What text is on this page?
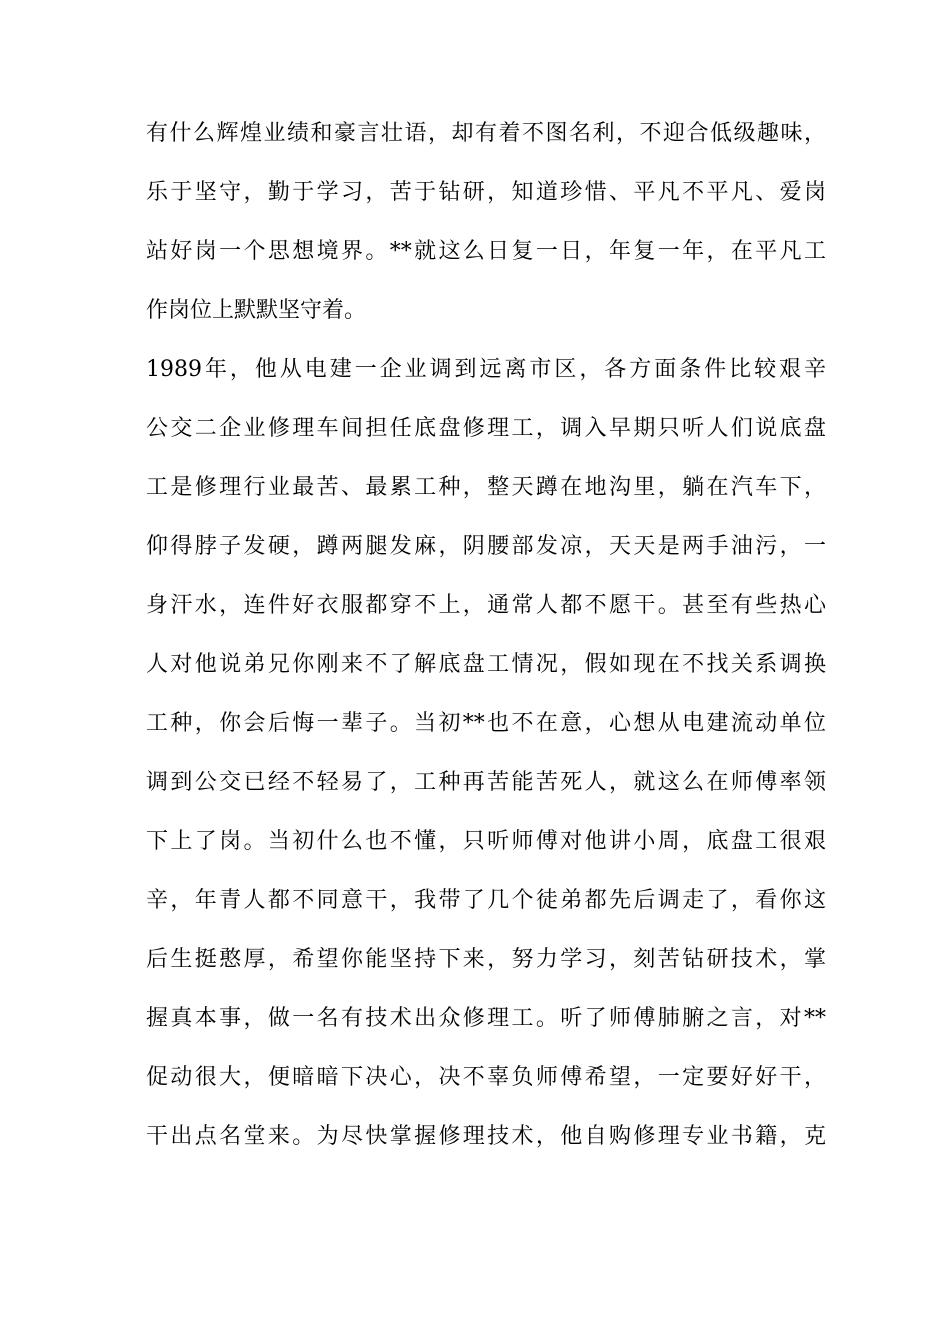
有什么辉煌业绩和豪言壮语，却有着不图名利，不迎合低级趣味，
乐于坚守，勤于学习，苦于钻研，知道珍惜、平凡不平凡、爱岗
站好岗一个思想境界。**就这么日复一日，年复一年，在平凡工
作岗位上默默坚守着。
1989年，他从电建一企业调到远离市区，各方面条件比较艰辛
公交二企业修理车间担任底盘修理工，调入早期只听人们说底盘
工是修理行业最苦、最累工种，整天蹲在地沟里，躺在汽车下，
仰得脖子发硬，蹲两腿发麻，阴腰部发凉，天天是两手油污，一
身汗水，连件好衣服都穿不上，通常人都不愿干。甚至有些热心
人对他说弟兄你刚来不了解底盘工情况，假如现在不找关系调换
工种，你会后悔一辈子。当初**也不在意，心想从电建流动单位
调到公交已经不轻易了，工种再苦能苦死人，就这么在师傅率领
下上了岗。当初什么也不懂，只听师傅对他讲小周，底盘工很艰
辛，年青人都不同意干，我带了几个徒弟都先后调走了，看你这
后生挺憨厚，希望你能坚持下来，努力学习，刻苦钻研技术，掌
握真本事，做一名有技术出众修理工。听了师傅肺腑之言，对**
促动很大，便暗暗下决心，决不辜负师傅希望，一定要好好干，
干出点名堂来。为尽快掌握修理技术，他自购修理专业书籍，克
